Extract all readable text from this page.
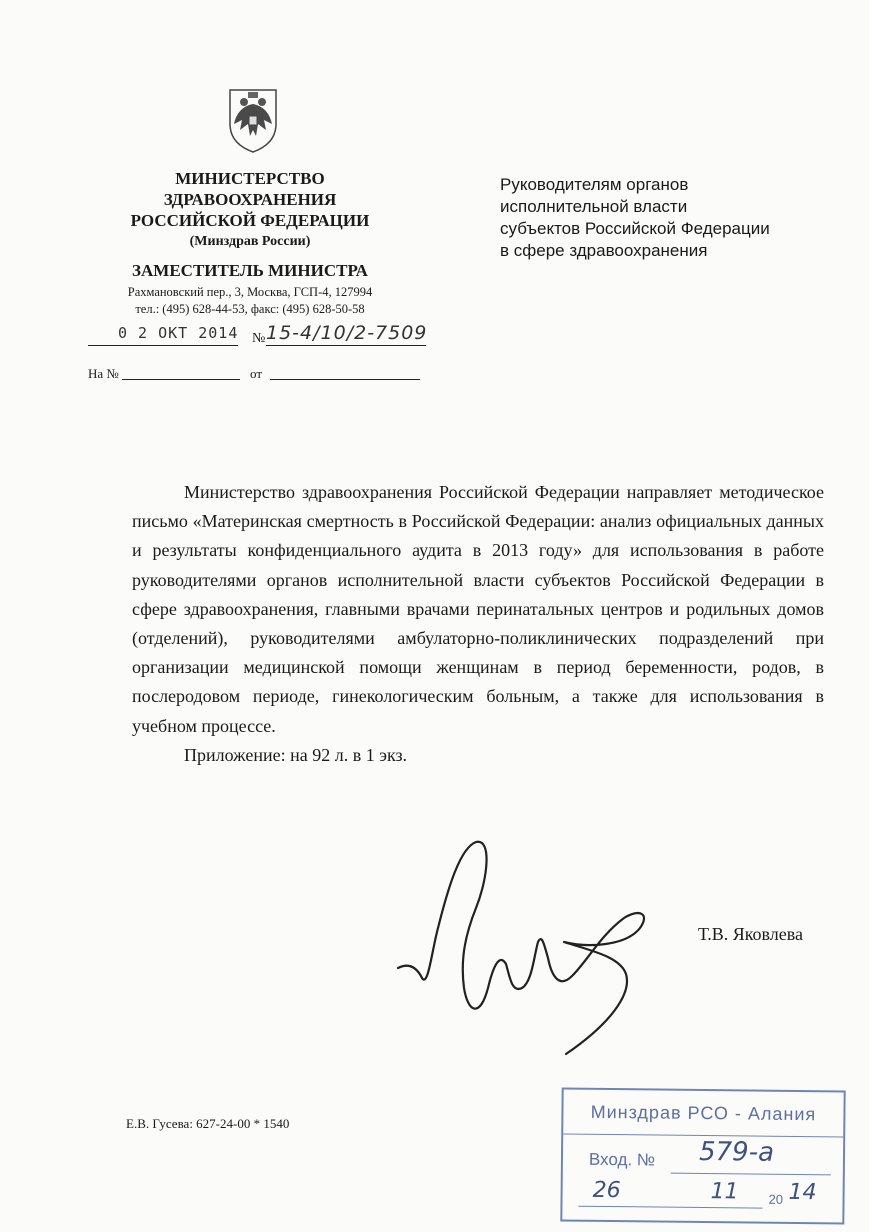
МИНИСТЕРСТВО
ЗДРАВООХРАНЕНИЯ
РОССИЙСКОЙ ФЕДЕРАЦИИ
(Минздрав России)
ЗАМЕСТИТЕЛЬ МИНИСТРА
Рахмановский пер., 3, Москва, ГСП-4, 127994
тел.: (495) 628-44-53, факс: (495) 628-50-58
0 2 ОКТ 2014 № 15-4/10/2-7509
На №	от
Руководителям органов
исполнительной власти
субъектов Российской Федерации
в сфере здравоохранения

Министерство здравоохранения Российской Федерации направляет методическое письмо «Материнская смертность в Российской Федерации: анализ официальных данных и результаты конфиденциального аудита в 2013 году» для использования в работе руководителями органов исполнительной власти субъектов Российской Федерации в сфере здравоохранения, главными врачами перинатальных центров и родильных домов (отделений), руководителями амбулаторно-поликлинических подразделений при организации медицинской помощи женщинам в период беременности, родов, в послеродовом периоде, гинекологическим больным, а также для использования в учебном процессе.

Приложение: на 92 л. в 1 экз.

Т.В. Яковлева
Е.В. Гусева: 627-24-00 * 1540	Минздрав РСО - Алания
Вход. № 579-а
26	11 20 14
